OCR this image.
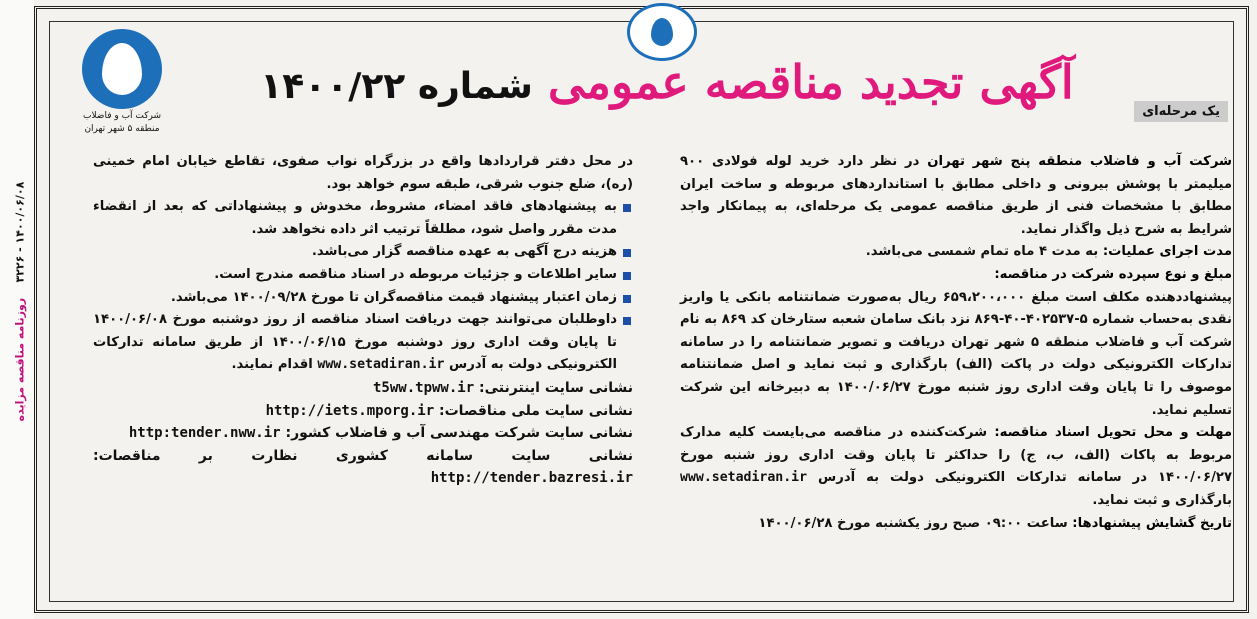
۱۴۰۰/۰۶/۰۸ - ۳۲۲۶    روزنامه مناقصه مزایده
شرکت آب و فاضلاب
منطقه ۵ شهر تهران
آگهی تجدید مناقصه عمومی شماره ۱۴۰۰/۲۲
یک مرحله‌ای

شرکت آب و فاضلاب منطقه پنج شهر تهران در نظر دارد خرید لوله فولادی ۹۰۰ میلیمتر با پوشش بیرونی و داخلی مطابق با استانداردهای مربوطه و ساخت ایران مطابق با مشخصات فنی از طریق مناقصه عمومی یک مرحله‌ای، به پیمانکار واجد شرایط به شرح ذیل واگذار نماید.

مدت اجرای عملیات: به مدت ۴ ماه تمام شمسی می‌باشد.

مبلغ و نوع سپرده شرکت در مناقصه:

پیشنهاددهنده مکلف است مبلغ ۶۵۹،۲۰۰،۰۰۰ ریال به‌صورت ضمانتنامه بانکی یا واریز نقدی به‌حساب شماره ۵-۴۰۲۵۳۷-۴۰-۸۶۹ نزد بانک سامان شعبه ستارخان کد ۸۶۹ به نام شرکت آب و فاضلاب منطقه ۵ شهر تهران دریافت و تصویر ضمانتنامه را در سامانه تدارکات الکترونیکی دولت در پاکت (الف) بارگذاری و ثبت نماید و اصل ضمانتنامه موصوف را تا پایان وقت اداری روز شنبه مورخ ۱۴۰۰/۰۶/۲۷ به دبیرخانه این شرکت تسلیم نماید.

مهلت و محل تحویل اسناد مناقصه: شرکت‌کننده در مناقصه می‌بایست کلیه مدارک مربوط به پاکات (الف، ب، ج) را حداکثر تا پایان وقت اداری روز شنبه مورخ ۱۴۰۰/۰۶/۲۷ در سامانه تدارکات الکترونیکی دولت به آدرس www.setadiran.ir بارگذاری و ثبت نماید.

تاریخ گشایش پیشنهادها: ساعت ۰۹:۰۰ صبح روز یکشنبه مورخ ۱۴۰۰/۰۶/۲۸

در محل دفتر قراردادها واقع در بزرگراه نواب صفوی، تقاطع خیابان امام خمینی (ره)، ضلع جنوب شرقی، طبقه سوم خواهد بود.

به پیشنهادهای فاقد امضاء، مشروط، مخدوش و پیشنهاداتی که بعد از انقضاء مدت مقرر واصل شود، مطلقاً ترتیب اثر داده نخواهد شد.

هزینه درج آگهی به عهده مناقصه گزار می‌باشد.

سایر اطلاعات و جزئیات مربوطه در اسناد مناقصه مندرج است.

زمان اعتبار پیشنهاد قیمت مناقصه‌گران تا مورخ ۱۴۰۰/۰۹/۲۸ می‌باشد.

داوطلبان می‌توانند جهت دریافت اسناد مناقصه از روز دوشنبه مورخ ۱۴۰۰/۰۶/۰۸ تا پایان وقت اداری روز دوشنبه مورخ ۱۴۰۰/۰۶/۱۵ از طریق سامانه تدارکات الکترونیکی دولت به آدرس www.setadiran.ir اقدام نمایند.

نشانی سایت اینترنتی: t5ww.tpww.ir

نشانی سایت ملی مناقصات: http://iets.mporg.ir

نشانی سایت شرکت مهندسی آب و فاضلاب کشور: http:tender.nww.ir

نشانی سایت سامانه کشوری نظارت بر مناقصات: http://tender.bazresi.ir
